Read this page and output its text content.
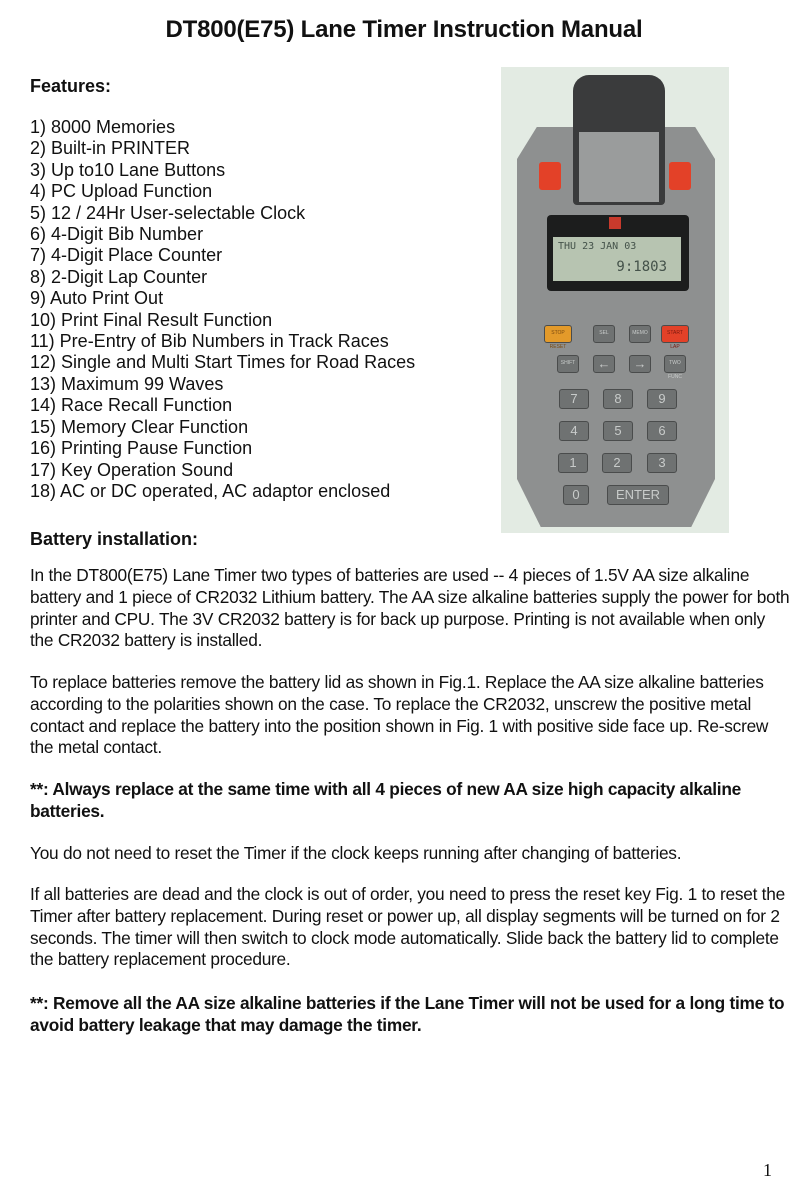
DT800(E75) Lane Timer Instruction Manual
Features:
1) 8000 Memories
2) Built-in PRINTER
3) Up to10 Lane Buttons
4) PC Upload Function
5) 12 / 24Hr User-selectable Clock
6) 4-Digit Bib Number
7) 4-Digit Place Counter
8) 2-Digit Lap Counter
9) Auto Print Out
10) Print Final Result Function
11) Pre-Entry of Bib Numbers in Track Races
12) Single and Multi Start Times for Road Races
13) Maximum 99 Waves
14) Race Recall Function
15) Memory Clear Function
16) Printing Pause Function
17) Key Operation Sound
18) AC or DC operated, AC adaptor enclosed
THU 23 JAN 03
9:1803
STOP RESET
SEL	MEMO	START LAP
SHIFT	←	→	TWO FUNC
7	8	9
4	5	6
1	2	3
0	ENTER
Battery installation:

In the DT800(E75) Lane Timer two types of batteries are used -- 4 pieces of 1.5V AA size alkaline battery and 1 piece of CR2032 Lithium battery. The AA size alkaline batteries supply the power for both printer and CPU. The 3V CR2032 battery is for back up purpose. Printing is not available when only the CR2032 battery is installed.

To replace batteries remove the battery lid as shown in Fig.1. Replace the AA size alkaline batteries according to the polarities shown on the case. To replace the CR2032, unscrew the positive metal contact and replace the battery into the position shown in Fig. 1 with positive side face up. Re-screw the metal contact.

**: Always replace at the same time with all 4 pieces of new AA size high capacity alkaline batteries.

You do not need to reset the Timer if the clock keeps running after changing of batteries.

If all batteries are dead and the clock is out of order, you need to press the reset key Fig. 1 to reset the Timer after battery replacement. During reset or power up, all display segments will be turned on for 2 seconds. The timer will then switch to clock mode automatically. Slide back the battery lid to complete the battery replacement procedure.

**: Remove all the AA size alkaline batteries if the Lane Timer will not be used for a long time to avoid battery leakage that may damage the timer.

1
